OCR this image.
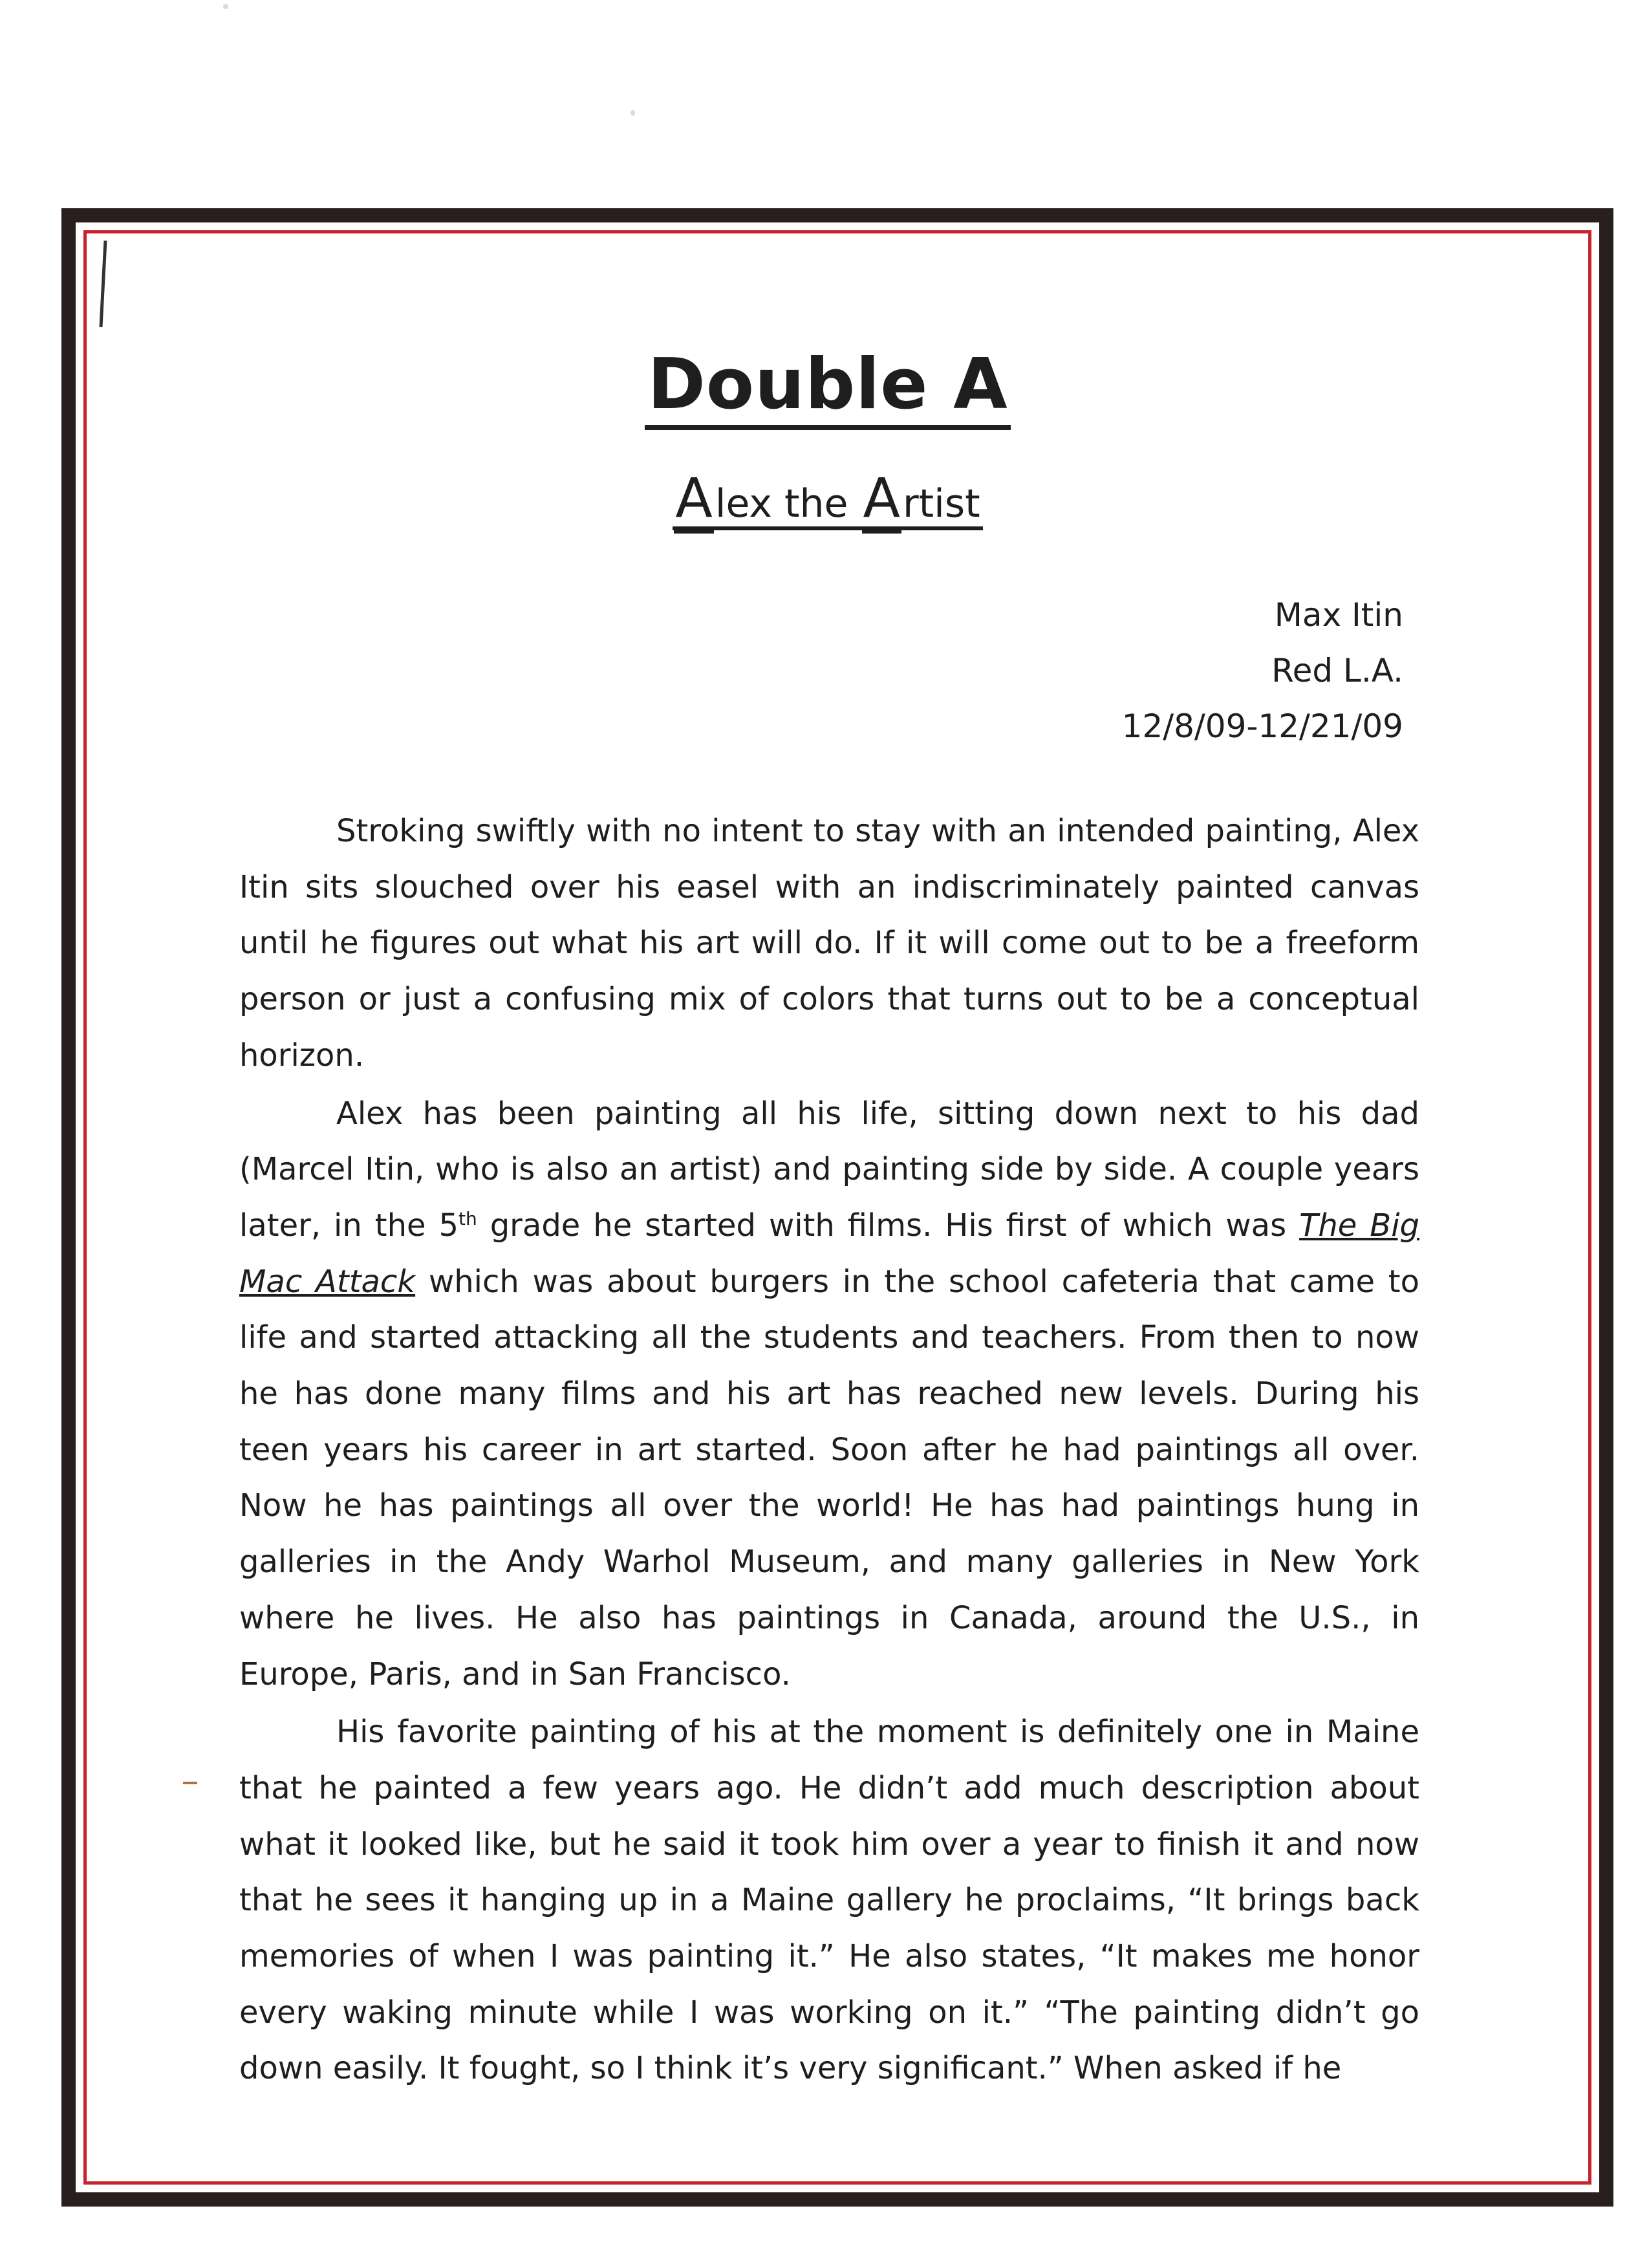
Double A
Alex the Artist
Max Itin
Red L.A.
12/8/09-12/21/09

Stroking swiftly with no intent to stay with an intended painting, Alex Itin sits slouched over his easel with an indiscriminately painted canvas until he figures out what his art will do. If it will come out to be a freeform person or just a confusing mix of colors that turns out to be a conceptual horizon.

Alex has been painting all his life, sitting down next to his dad (Marcel Itin, who is also an artist) and painting side by side. A couple years later, in the 5th grade he started with films. His first of which was The Big Mac Attack which was about burgers in the school cafeteria that came to life and started attacking all the students and teachers. From then to now he has done many films and his art has reached new levels. During his teen years his career in art started. Soon after he had paintings all over. Now he has paintings all over the world! He has had paintings hung in galleries in the Andy Warhol Museum, and many galleries in New York where he lives. He also has paintings in Canada, around the U.S., in Europe, Paris, and in San Francisco.

His favorite painting of his at the moment is definitely one in Maine that he painted a few years ago. He didn’t add much description about what it looked like, but he said it took him over a year to finish it and now that he sees it hanging up in a Maine gallery he proclaims, “It brings back memories of when I was painting it.” He also states, “It makes me honor every waking minute while I was working on it.” “The painting didn’t go down easily. It fought, so I think it’s very significant.” When asked if he
